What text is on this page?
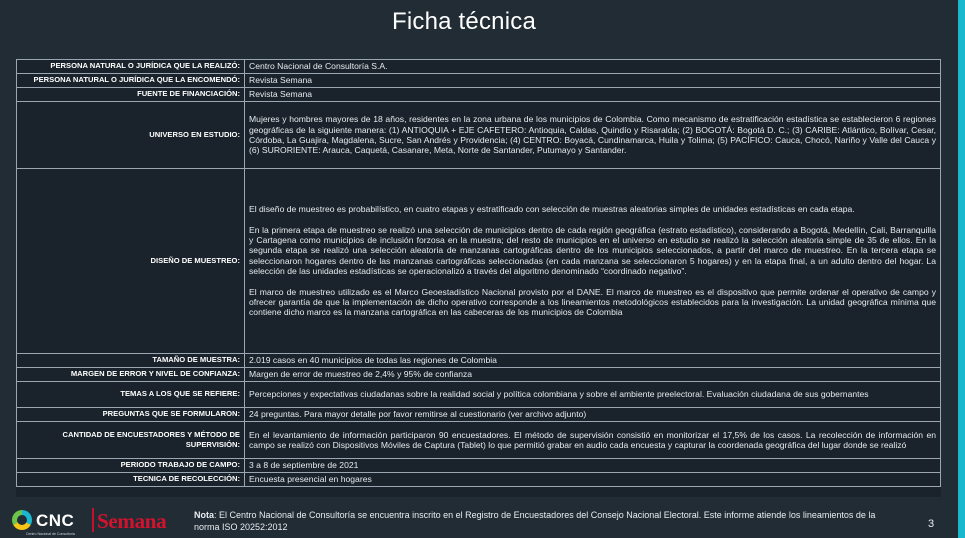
Ficha técnica
PERSONA NATURAL O JURÍDICA QUE LA REALIZÓ:	Centro Nacional de Consultoría S.A.

PERSONA NATURAL O JURÍDICA QUE LA ENCOMENDÓ:	Revista Semana

FUENTE DE FINANCIACIÓN:	Revista Semana

UNIVERSO EN ESTUDIO:	Mujeres y hombres mayores de 18 años, residentes en la zona urbana de los municipios de Colombia. Como mecanismo de estratificación estadística se establecieron 6 regiones geográficas de la siguiente manera: (1) ANTIOQUIA + EJE CAFETERO: Antioquia, Caldas, Quindío y Risaralda; (2) BOGOTÁ: Bogotá D. C.; (3) CARIBE: Atlántico, Bolívar, Cesar, Córdoba, La Guajira, Magdalena, Sucre, San Andrés y Providencia; (4) CENTRO: Boyacá, Cundinamarca, Huila y Tolima; (5) PACÍFICO: Cauca, Chocó, Nariño y Valle del Cauca y (6) SURORIENTE: Arauca, Caquetá, Casanare, Meta, Norte de Santander, Putumayo y Santander.

DISEÑO DE MUESTREO:	El diseño de muestreo es probabilístico, en cuatro etapas y estratificado con selección de muestras aleatorias simples de unidades estadísticas en cada etapa.

En la primera etapa de muestreo se realizó una selección de municipios dentro de cada región geográfica (estrato estadístico), considerando a Bogotá, Medellín, Cali, Barranquilla y Cartagena como municipios de inclusión forzosa en la muestra; del resto de municipios en el universo en estudio se realizó la selección aleatoria simple de 35 de ellos. En la segunda etapa se realizó una selección aleatoria de manzanas cartográficas dentro de los municipios seleccionados, a partir del marco de muestreo. En la tercera etapa se seleccionaron hogares dentro de las manzanas cartográficas seleccionadas (en cada manzana se seleccionaron 5 hogares) y en la etapa final, a un adulto dentro del hogar. La selección de las unidades estadísticas se operacionalizó a través del algoritmo denominado “coordinado negativo”.

El marco de muestreo utilizado es el Marco Geoestadístico Nacional provisto por el DANE. El marco de muestreo es el dispositivo que permite ordenar el operativo de campo y ofrecer garantía de que la implementación de dicho operativo corresponde a los lineamientos metodológicos establecidos para la investigación. La unidad geográfica mínima que contiene dicho marco es la manzana cartográfica en las cabeceras de los municipios de Colombia

TAMAÑO DE MUESTRA:	2.019 casos en 40 municipios de todas las regiones de Colombia

MARGEN DE ERROR Y NIVEL DE CONFIANZA:	Margen de error de muestreo de 2,4% y 95% de confianza

TEMAS A LOS QUE SE REFIERE:	Percepciones y expectativas ciudadanas sobre la realidad social y política colombiana y sobre el ambiente preelectoral. Evaluación ciudadana de sus gobernantes

PREGUNTAS QUE SE FORMULARON:	24 preguntas. Para mayor detalle por favor remitirse al cuestionario (ver archivo adjunto)

CANTIDAD DE ENCUESTADORES Y MÉTODO DE SUPERVISIÓN:	En el levantamiento de información participaron 90 encuestadores. El método de supervisión consistió en monitorizar el 17,5% de los casos. La recolección de información en campo se realizó con Dispositivos Móviles de Captura (Tablet) lo que permitió grabar en audio cada encuesta y capturar la coordenada geográfica del lugar donde se realizó

PERIODO TRABAJO DE CAMPO:	3 a 8 de septiembre de 2021

TECNICA DE RECOLECCIÓN:	Encuesta presencial en hogares

CNC
Centro Nacional de Consultoría
Semana	Nota: El Centro Nacional de Consultoría se encuentra inscrito en el Registro de Encuestadores del Consejo Nacional Electoral. Este informe atiende los lineamientos de la norma ISO 20252:2012	3
